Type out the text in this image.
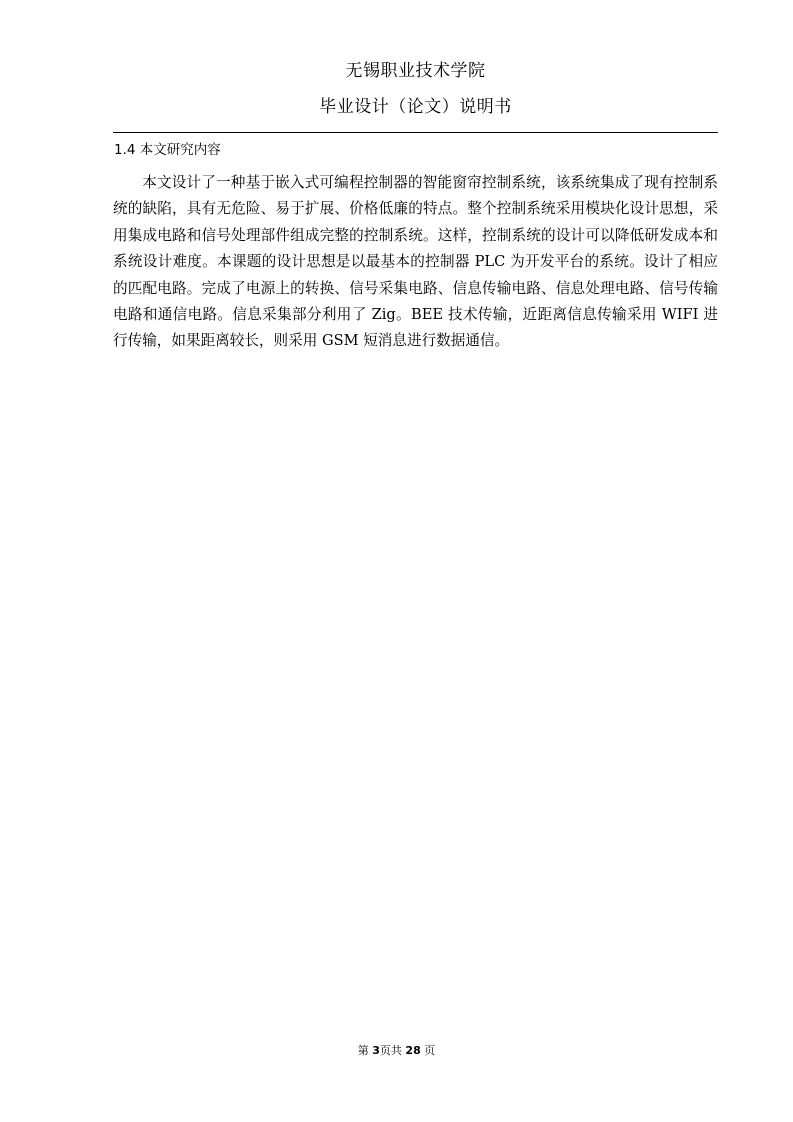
无锡职业技术学院
毕业设计（论文）说明书
1.4 本文研究内容

本文设计了一种基于嵌入式可编程控制器的智能窗帘控制系统，该系统集成了现有控制系统的缺陷，具有无危险、易于扩展、价格低廉的特点。整个控制系统采用模块化设计思想，采用集成电路和信号处理部件组成完整的控制系统。这样，控制系统的设计可以降低研发成本和系统设计难度。本课题的设计思想是以最基本的控制器 PLC 为开发平台的系统。设计了相应的匹配电路。完成了电源上的转换、信号采集电路、信息传输电路、信息处理电路、信号传输电路和通信电路。信息采集部分利用了 Zig。BEE 技术传输，近距离信息传输采用 WIFI 进行传输，如果距离较长，则采用 GSM 短消息进行数据通信。

第 3页共 28 页
